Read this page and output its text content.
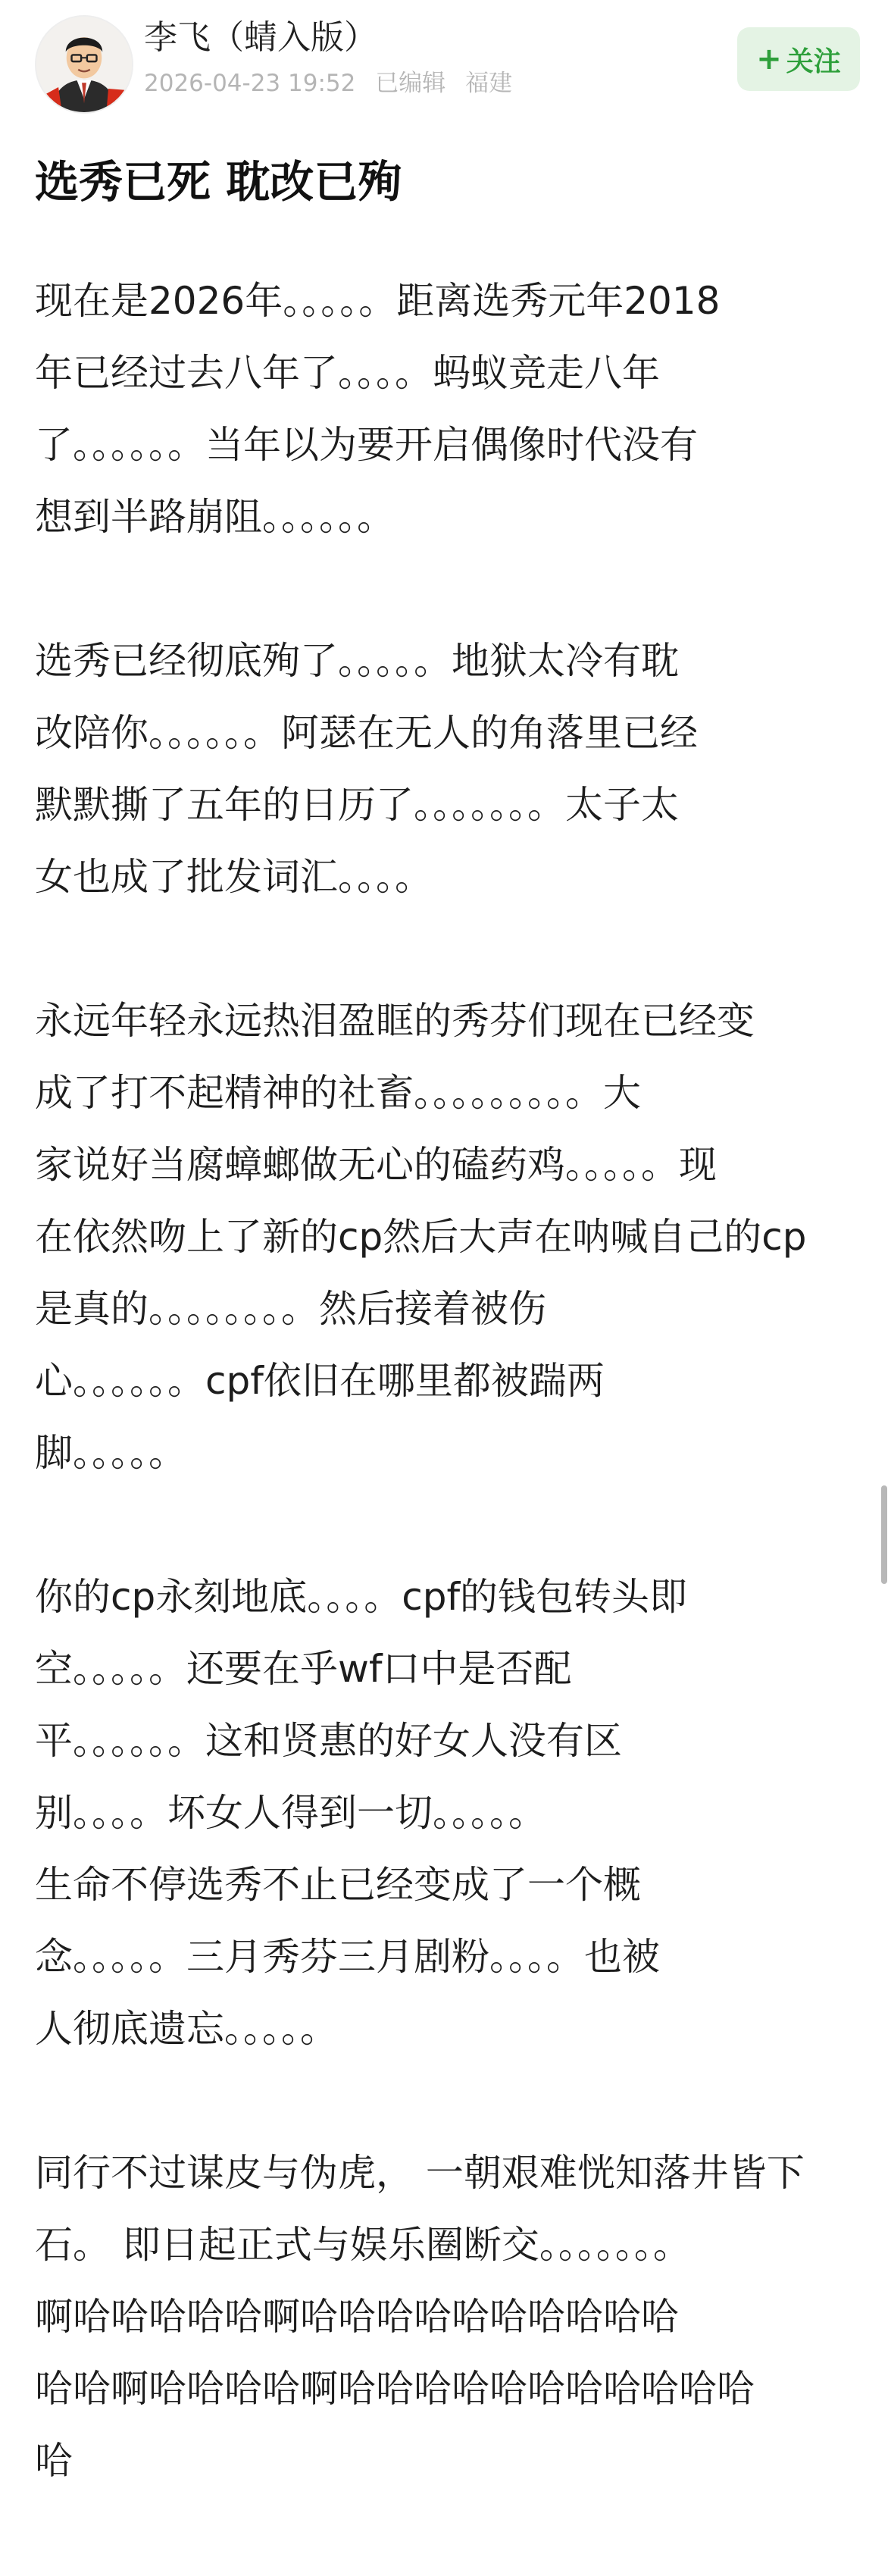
李飞（蜻入版）
2026-04-23 19:52 已编辑 福建
+ 关注
选秀已死 耽改已殉
现在是2026年。。。。。距离选秀元年2018
年已经过去八年了。。。。蚂蚁竞走八年
了。。。。。。当年以为要开启偶像时代没有
想到半路崩阻。。。。。。
选秀已经彻底殉了。。。。。地狱太冷有耽
改陪你。。。。。。阿瑟在无人的角落里已经
默默撕了五年的日历了。。。。。。。太子太
女也成了批发词汇。。。。
永远年轻永远热泪盈眶的秀芬们现在已经变
成了打不起精神的社畜。。。。。。。。。大
家说好当腐蟑螂做无心的磕药鸡。。。。。现
在依然吻上了新的cp然后大声在呐喊自己的cp
是真的。。。。。。。。然后接着被伤
心。。。。。。cpf依旧在哪里都被踹两
脚。。。。。
你的cp永刻地底。。。。cpf的钱包转头即
空。。。。。还要在乎wf口中是否配
平。。。。。。这和贤惠的好女人没有区
别。。。。坏女人得到一切。。。。。
生命不停选秀不止已经变成了一个概
念。。。。。三月秀芬三月剧粉。。。。也被
人彻底遗忘。。。。。
同行不过谋皮与伪虎， 一朝艰难恍知落井皆下
石。 即日起正式与娱乐圈断交。。。。。。。
啊哈哈哈哈哈啊哈哈哈哈哈哈哈哈哈哈
哈哈啊哈哈哈哈啊哈哈哈哈哈哈哈哈哈哈哈
哈
